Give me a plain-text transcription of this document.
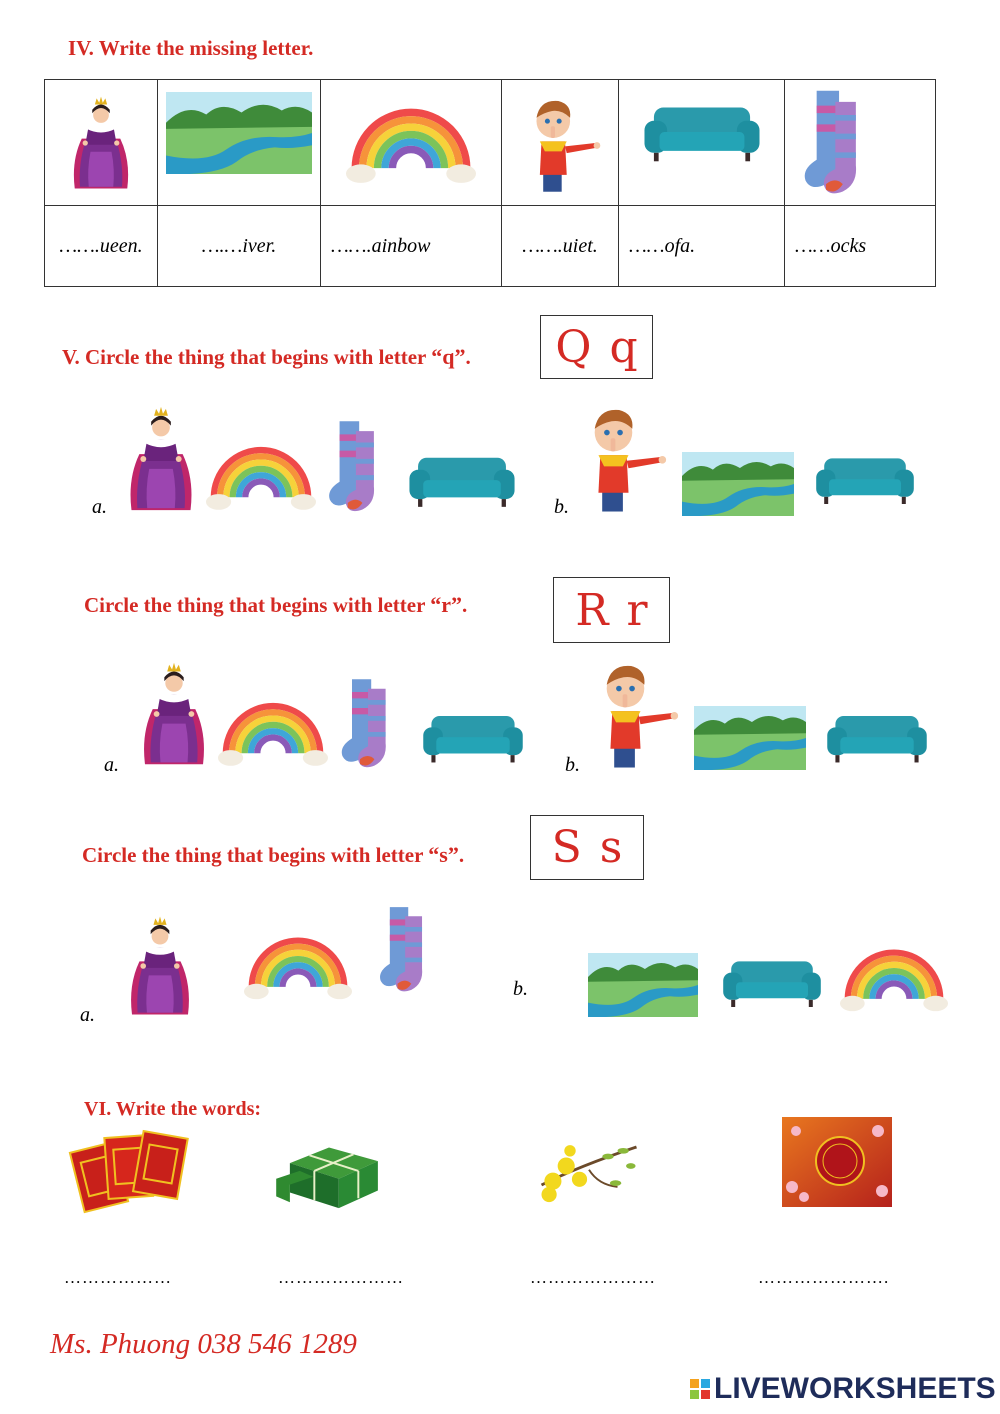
IV. Write the missing letter.

…….ueen.	….…iver.	…….ainbow	…….uiet.	……ofa.	……ocks
V. Circle the thing that begins with letter “q”. Q q
a.	b.
Circle the thing that begins with letter “r”. R r
a.	b.
Circle the thing that begins with letter “s”. S s
a.
b.
VI. Write the words:
………………	…………………	…………………	………………….
Ms. Phuong 038 546 1289
LIVEWORKSHEETS
